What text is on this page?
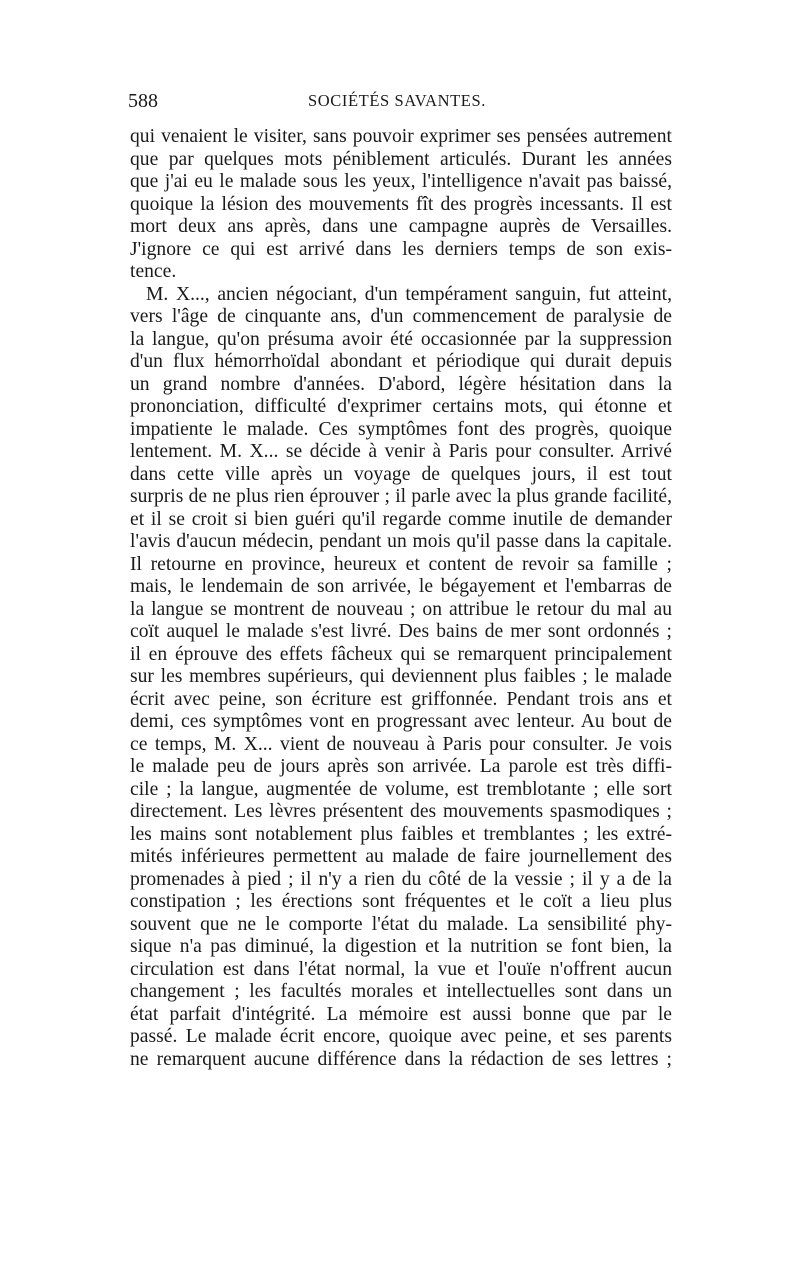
588	SOCIÉTÉS SAVANTES.

qui venaient le visiter, sans pouvoir exprimer ses pensées autrement

que par quelques mots péniblement articulés. Durant les années

que j'ai eu le malade sous les yeux, l'intelligence n'avait pas baissé,

quoique la lésion des mouvements fît des progrès incessants. Il est

mort deux ans après, dans une campagne auprès de Versailles.

J'ignore ce qui est arrivé dans les derniers temps de son exis-

tence.

M. X..., ancien négociant, d'un tempérament sanguin, fut atteint,

vers l'âge de cinquante ans, d'un commencement de paralysie de

la langue, qu'on présuma avoir été occasionnée par la suppression

d'un flux hémorrhoïdal abondant et périodique qui durait depuis

un grand nombre d'années. D'abord, légère hésitation dans la

prononciation, difficulté d'exprimer certains mots, qui étonne et

impatiente le malade. Ces symptômes font des progrès, quoique

lentement. M. X... se décide à venir à Paris pour consulter. Arrivé

dans cette ville après un voyage de quelques jours, il est tout

surpris de ne plus rien éprouver ; il parle avec la plus grande facilité,

et il se croit si bien guéri qu'il regarde comme inutile de demander

l'avis d'aucun médecin, pendant un mois qu'il passe dans la capitale.

Il retourne en province, heureux et content de revoir sa famille ;

mais, le lendemain de son arrivée, le bégayement et l'embarras de

la langue se montrent de nouveau ; on attribue le retour du mal au

coït auquel le malade s'est livré. Des bains de mer sont ordonnés ;

il en éprouve des effets fâcheux qui se remarquent principalement

sur les membres supérieurs, qui deviennent plus faibles ; le malade

écrit avec peine, son écriture est griffonnée. Pendant trois ans et

demi, ces symptômes vont en progressant avec lenteur. Au bout de

ce temps, M. X... vient de nouveau à Paris pour consulter. Je vois

le malade peu de jours après son arrivée. La parole est très diffi-

cile ; la langue, augmentée de volume, est tremblotante ; elle sort

directement. Les lèvres présentent des mouvements spasmodiques ;

les mains sont notablement plus faibles et tremblantes ; les extré-

mités inférieures permettent au malade de faire journellement des

promenades à pied ; il n'y a rien du côté de la vessie ; il y a de la

constipation ; les érections sont fréquentes et le coït a lieu plus

souvent que ne le comporte l'état du malade. La sensibilité phy-

sique n'a pas diminué, la digestion et la nutrition se font bien, la

circulation est dans l'état normal, la vue et l'ouïe n'offrent aucun

changement ; les facultés morales et intellectuelles sont dans un

état parfait d'intégrité. La mémoire est aussi bonne que par le

passé. Le malade écrit encore, quoique avec peine, et ses parents

ne remarquent aucune différence dans la rédaction de ses lettres ;
